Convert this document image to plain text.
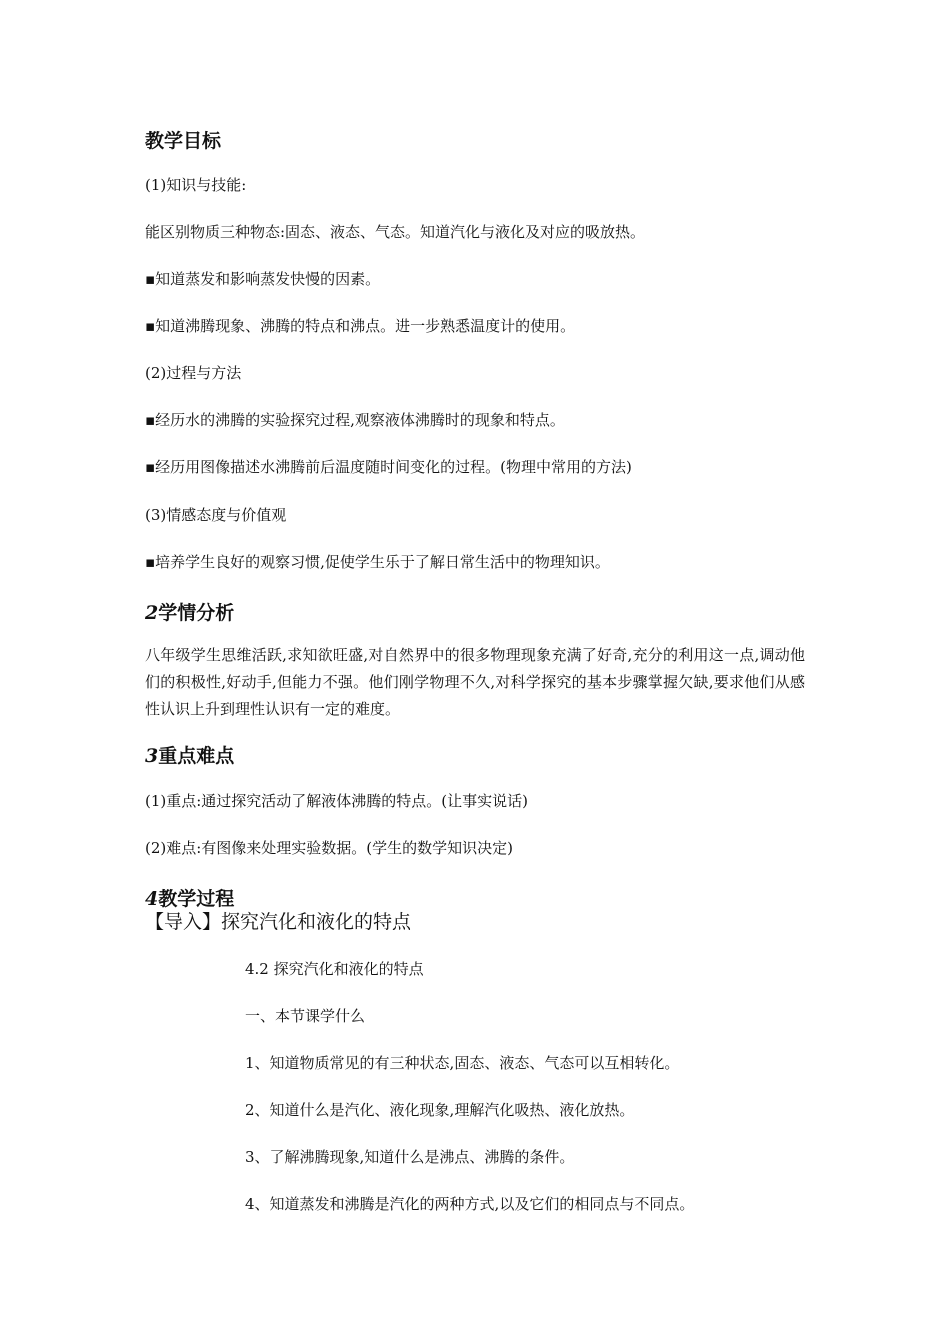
教学目标

(1)知识与技能:

能区别物质三种物态:固态、液态、气态。知道汽化与液化及对应的吸放热。

▪知道蒸发和影响蒸发快慢的因素。

▪知道沸腾现象、沸腾的特点和沸点。进一步熟悉温度计的使用。

(2)过程与方法

▪经历水的沸腾的实验探究过程,观察液体沸腾时的现象和特点。

▪经历用图像描述水沸腾前后温度随时间变化的过程。(物理中常用的方法)

(3)情感态度与价值观

▪培养学生良好的观察习惯,促使学生乐于了解日常生活中的物理知识。

2学情分析

八年级学生思维活跃,求知欲旺盛,对自然界中的很多物理现象充满了好奇,充分的利用这一点,调动他们的积极性,好动手,但能力不强。他们刚学物理不久,对科学探究的基本步骤掌握欠缺,要求他们从感性认识上升到理性认识有一定的难度。

3重点难点

(1)重点:通过探究活动了解液体沸腾的特点。(让事实说话)

(2)难点:有图像来处理实验数据。(学生的数学知识决定)

4教学过程

【导入】探究汽化和液化的特点

4.2 探究汽化和液化的特点

一、本节课学什么

1、知道物质常见的有三种状态,固态、液态、气态可以互相转化。

2、知道什么是汽化、液化现象,理解汽化吸热、液化放热。

3、了解沸腾现象,知道什么是沸点、沸腾的条件。

4、知道蒸发和沸腾是汽化的两种方式,以及它们的相同点与不同点。
